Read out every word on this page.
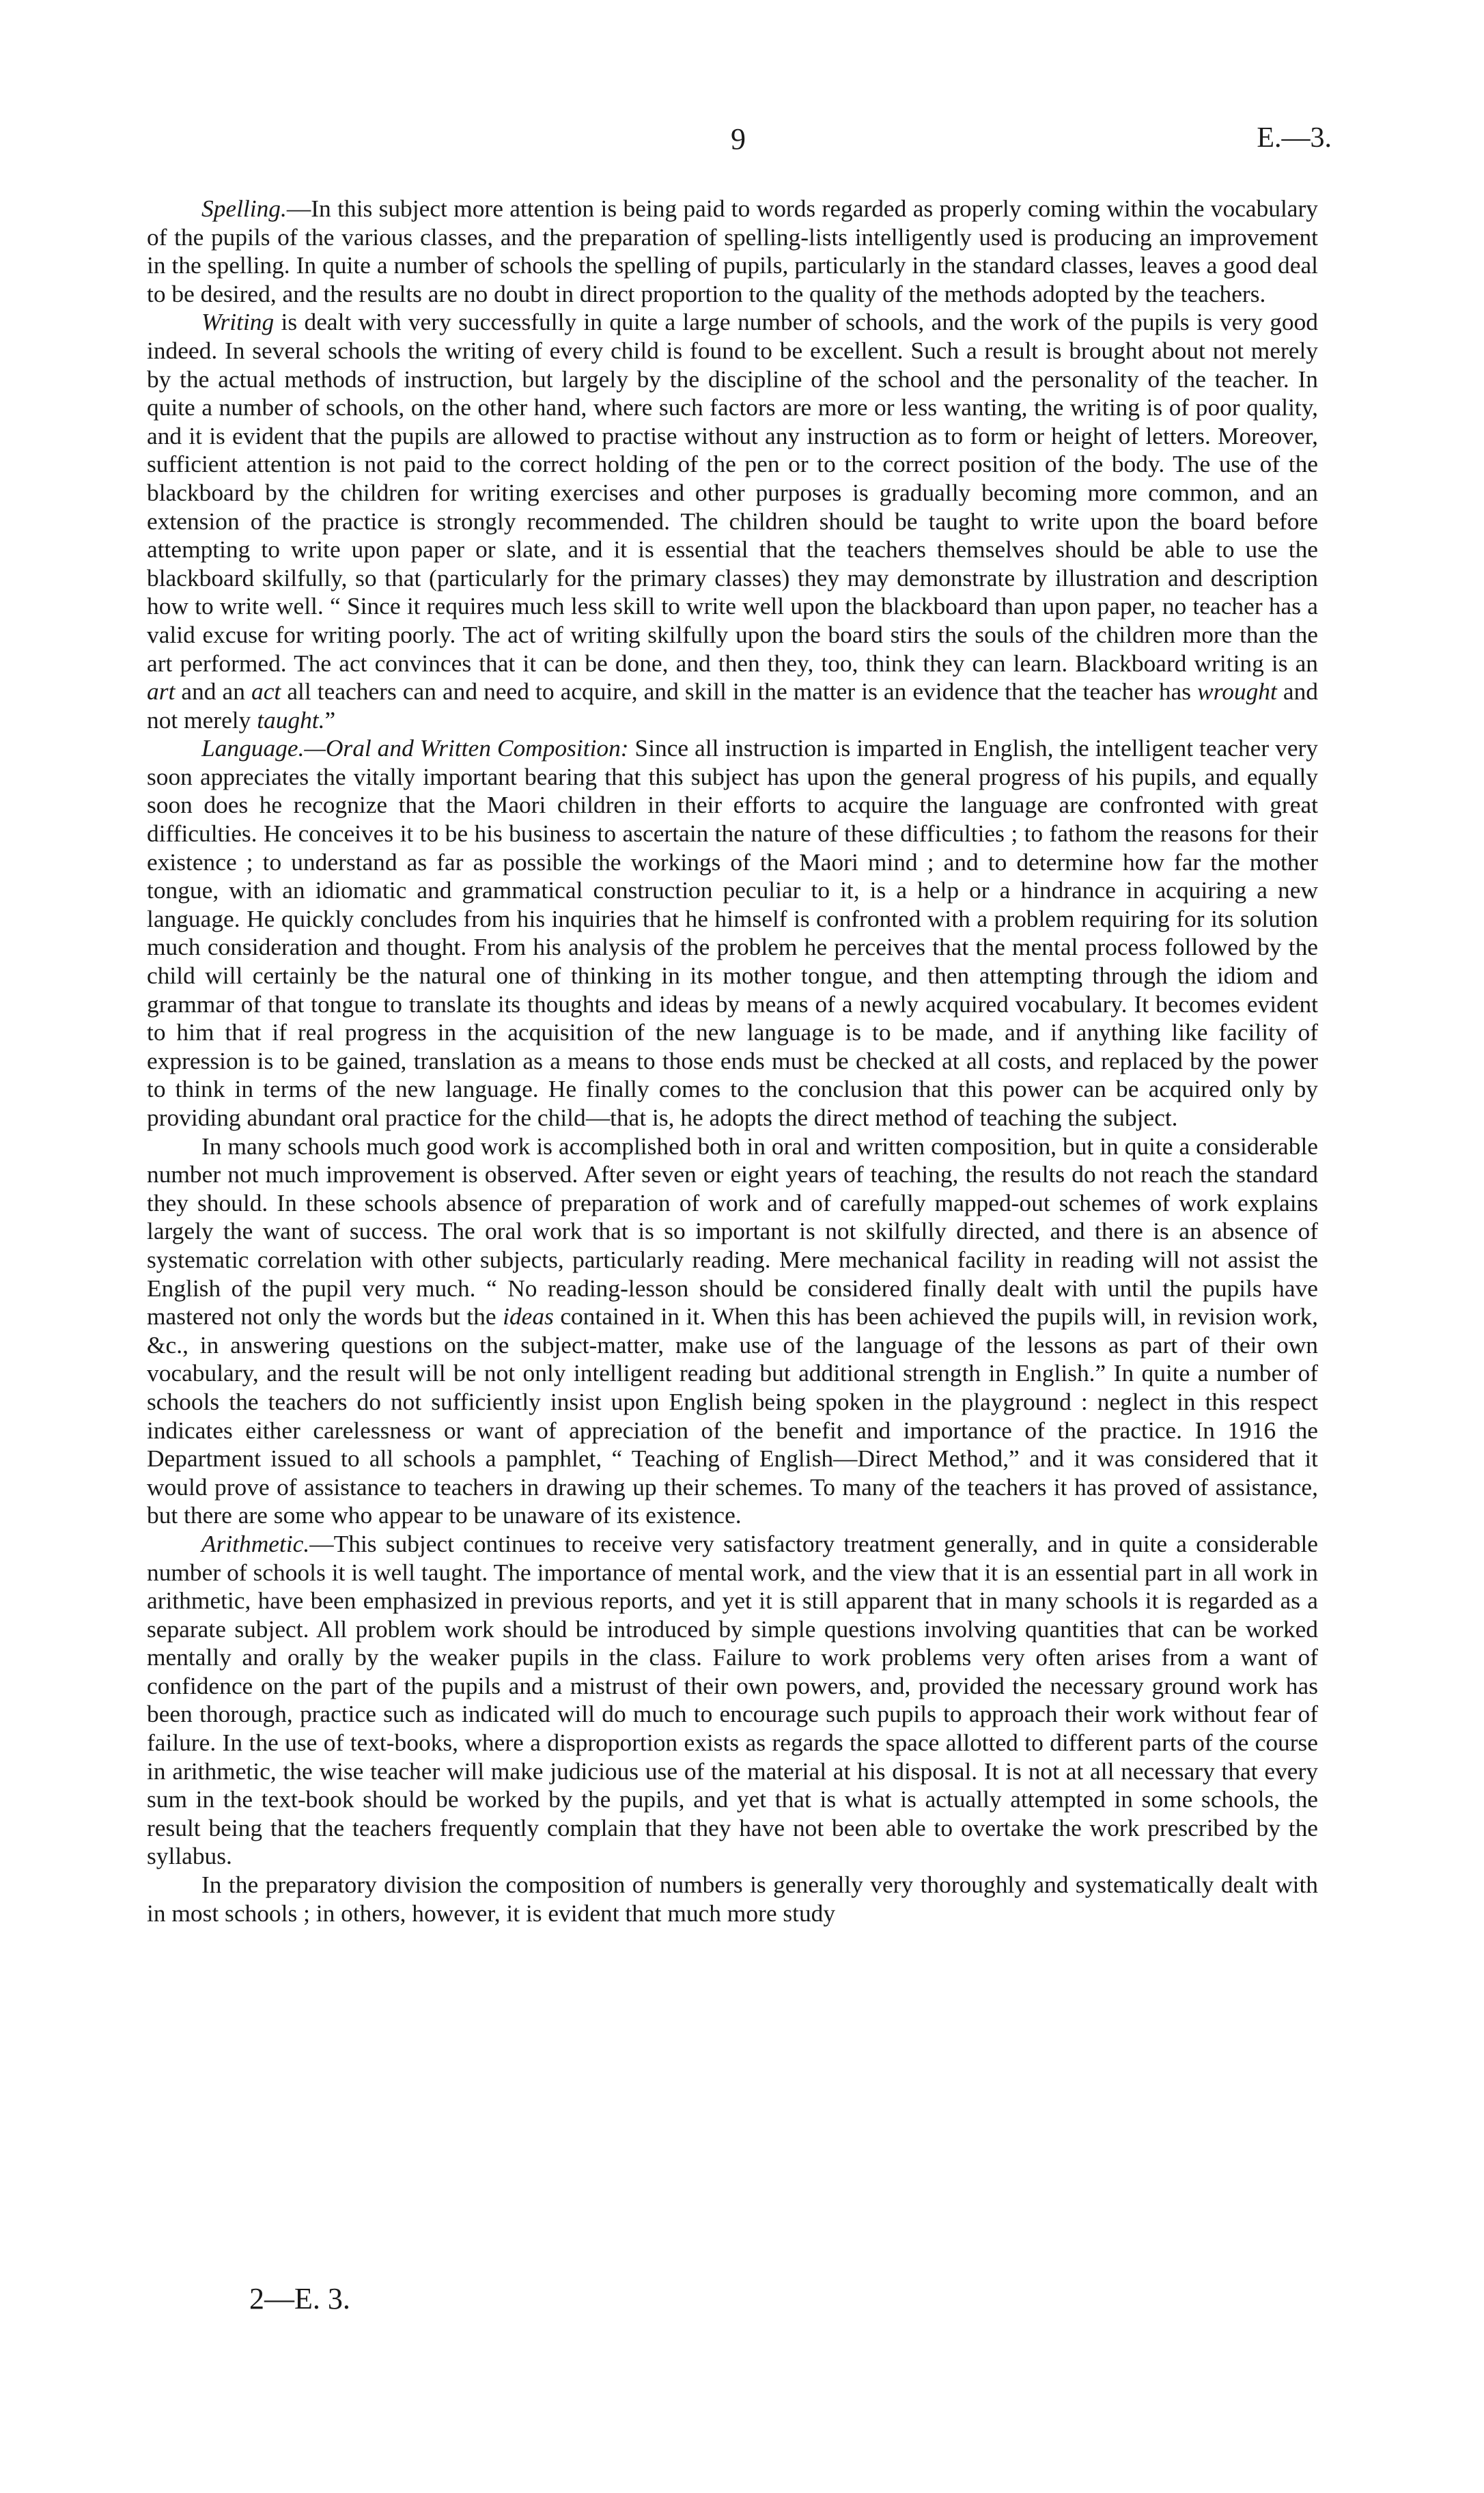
9	E.—3.

Spelling.—In this subject more attention is being paid to words regarded as properly coming within the vocabulary of the pupils of the various classes, and the preparation of spelling-lists intelligently used is producing an improvement in the spelling. In quite a number of schools the spelling of pupils, particularly in the standard classes, leaves a good deal to be desired, and the results are no doubt in direct proportion to the quality of the methods adopted by the teachers.

Writing is dealt with very successfully in quite a large number of schools, and the work of the pupils is very good indeed. In several schools the writing of every child is found to be excellent. Such a result is brought about not merely by the actual methods of instruction, but largely by the discipline of the school and the personality of the teacher. In quite a number of schools, on the other hand, where such factors are more or less wanting, the writing is of poor quality, and it is evident that the pupils are allowed to practise without any instruction as to form or height of letters. Moreover, sufficient attention is not paid to the correct holding of the pen or to the correct position of the body. The use of the blackboard by the children for writing exercises and other purposes is gradually becoming more common, and an extension of the practice is strongly recommended. The children should be taught to write upon the board before attempting to write upon paper or slate, and it is essential that the teachers themselves should be able to use the blackboard skilfully, so that (particularly for the primary classes) they may demonstrate by illustration and description how to write well. “ Since it requires much less skill to write well upon the blackboard than upon paper, no teacher has a valid excuse for writing poorly. The act of writing skilfully upon the board stirs the souls of the children more than the art performed. The act convinces that it can be done, and then they, too, think they can learn. Blackboard writing is an art and an act all teachers can and need to acquire, and skill in the matter is an evidence that the teacher has wrought and not merely taught.”

Language.—Oral and Written Composition: Since all instruction is imparted in English, the intelligent teacher very soon appreciates the vitally important bearing that this subject has upon the general progress of his pupils, and equally soon does he recognize that the Maori children in their efforts to acquire the language are confronted with great difficulties. He conceives it to be his business to ascertain the nature of these difficulties ; to fathom the reasons for their existence ; to understand as far as possible the workings of the Maori mind ; and to determine how far the mother tongue, with an idiomatic and grammatical construction peculiar to it, is a help or a hindrance in acquiring a new language. He quickly concludes from his inquiries that he himself is confronted with a problem requiring for its solution much consideration and thought. From his analysis of the problem he perceives that the mental process followed by the child will certainly be the natural one of thinking in its mother tongue, and then attempting through the idiom and grammar of that tongue to translate its thoughts and ideas by means of a newly acquired vocabulary. It becomes evident to him that if real progress in the acquisition of the new language is to be made, and if anything like facility of expression is to be gained, translation as a means to those ends must be checked at all costs, and replaced by the power to think in terms of the new language. He finally comes to the conclusion that this power can be acquired only by providing abundant oral practice for the child—that is, he adopts the direct method of teaching the subject.

In many schools much good work is accomplished both in oral and written composition, but in quite a considerable number not much improvement is observed. After seven or eight years of teaching, the results do not reach the standard they should. In these schools absence of preparation of work and of carefully mapped-out schemes of work explains largely the want of success. The oral work that is so important is not skilfully directed, and there is an absence of systematic correlation with other subjects, particularly reading. Mere mechanical facility in reading will not assist the English of the pupil very much. “ No reading-lesson should be considered finally dealt with until the pupils have mastered not only the words but the ideas contained in it. When this has been achieved the pupils will, in revision work, &c., in answering questions on the subject-matter, make use of the language of the lessons as part of their own vocabulary, and the result will be not only intelligent reading but additional strength in English.” In quite a number of schools the teachers do not sufficiently insist upon English being spoken in the playground : neglect in this respect indicates either carelessness or want of appreciation of the benefit and importance of the practice. In 1916 the Department issued to all schools a pamphlet, “ Teaching of English—Direct Method,” and it was considered that it would prove of assistance to teachers in drawing up their schemes. To many of the teachers it has proved of assistance, but there are some who appear to be unaware of its existence.

Arithmetic.—This subject continues to receive very satisfactory treatment generally, and in quite a considerable number of schools it is well taught. The importance of mental work, and the view that it is an essential part in all work in arithmetic, have been emphasized in previous reports, and yet it is still apparent that in many schools it is regarded as a separate subject. All problem work should be introduced by simple questions involving quantities that can be worked mentally and orally by the weaker pupils in the class. Failure to work problems very often arises from a want of confidence on the part of the pupils and a mistrust of their own powers, and, provided the necessary ground work has been thorough, practice such as indicated will do much to encourage such pupils to approach their work without fear of failure. In the use of text-books, where a disproportion exists as regards the space allotted to different parts of the course in arithmetic, the wise teacher will make judicious use of the material at his disposal. It is not at all necessary that every sum in the text-book should be worked by the pupils, and yet that is what is actually attempted in some schools, the result being that the teachers frequently complain that they have not been able to overtake the work prescribed by the syllabus.

In the preparatory division the composition of numbers is generally very thoroughly and systematically dealt with in most schools ; in others, however, it is evident that much more study

2—E. 3.
